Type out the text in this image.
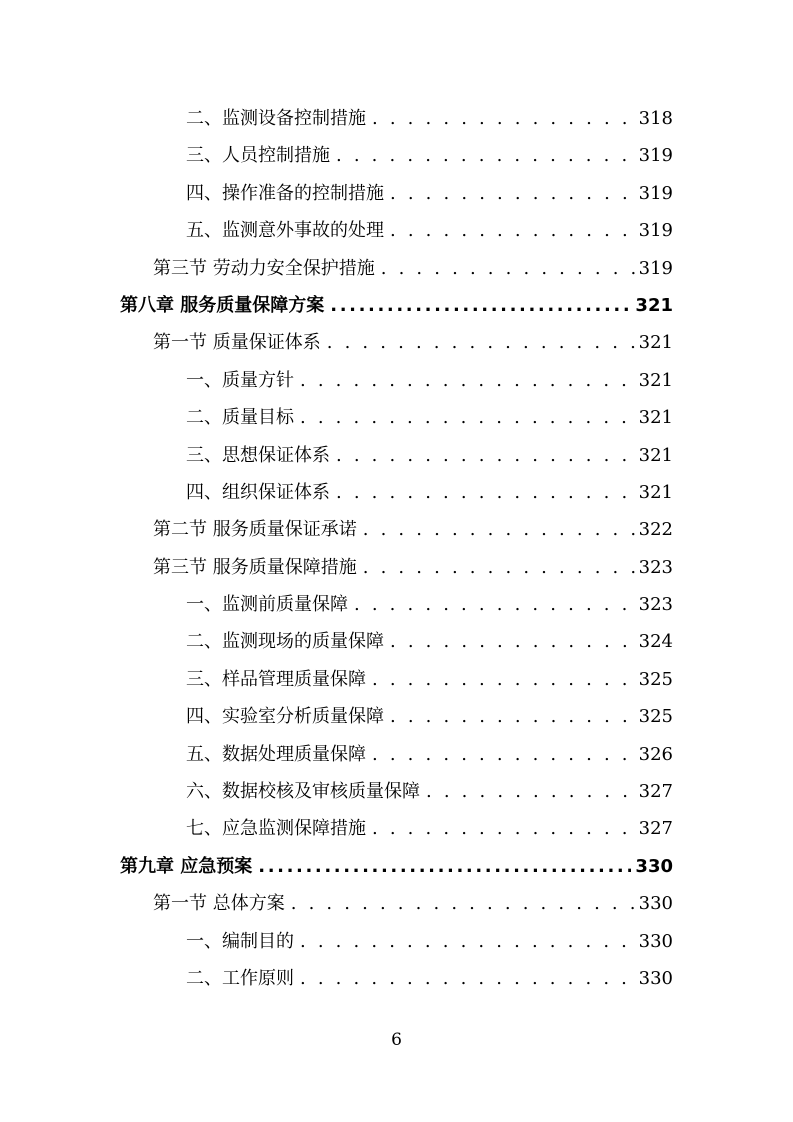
二、监测设备控制措施 . . .	318
三、人员控制措施 . . .	319
四、操作准备的控制措施 . . .	319
五、监测意外事故的处理 . . .	319
第三节 劳动力安全保护措施 . . .	319
第八章 服务质量保障方案 .....	321
第一节 质量保证体系 . . .	321
一、质量方针 . . .	321
二、质量目标 . . .	321
三、思想保证体系 . . .	321
四、组织保证体系 . . .	321
第二节 服务质量保证承诺 . . .	322
第三节 服务质量保障措施 . . .	323
一、监测前质量保障 . . .	323
二、监测现场的质量保障 . . .	324
三、样品管理质量保障 . . .	325
四、实验室分析质量保障 . . .	325
五、数据处理质量保障 . . .	326
六、数据校核及审核质量保障 . . .	327
七、应急监测保障措施 . . .	327
第九章 应急预案 .....	330
第一节 总体方案 . . .	330
一、编制目的 . . .	330
二、工作原则 . . .	330
6
